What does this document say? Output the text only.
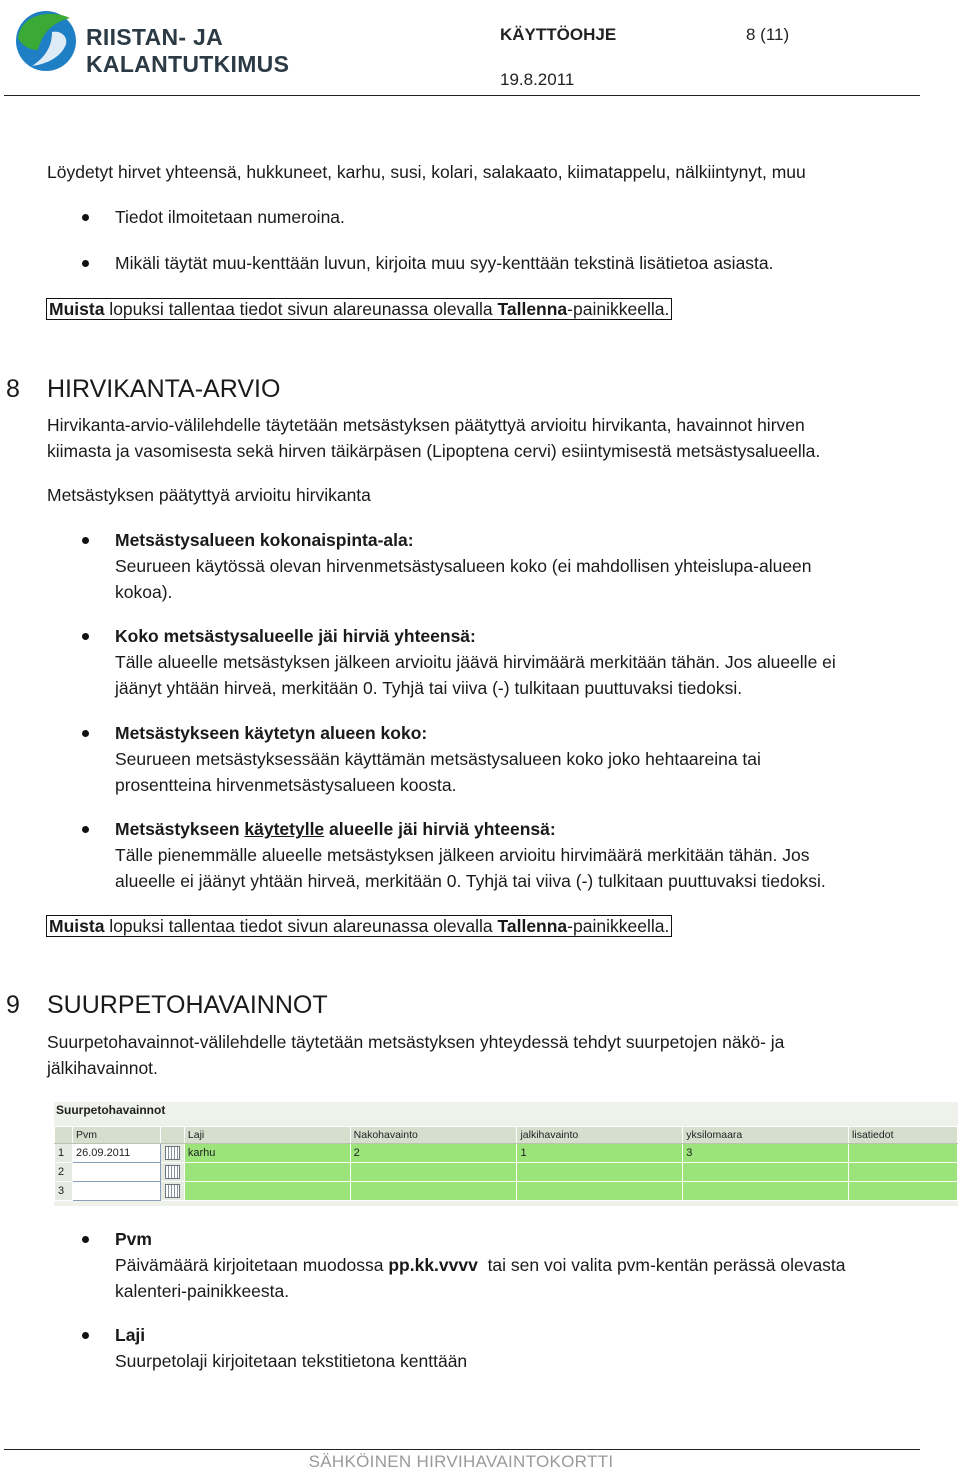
RIISTAN- JA KALANTUTKIMUS
KÄYTTÖOHJE	8 (11)
19.8.2011
Löydetyt hirvet yhteensä, hukkuneet, karhu, susi, kolari, salakaato, kiimatappelu, nälkiintynyt, muu
Tiedot ilmoitetaan numeroina.
Mikäli täytät muu-kenttään luvun, kirjoita muu syy-kenttään tekstinä lisätietoa asiasta.
Muista lopuksi tallentaa tiedot sivun alareunassa olevalla Tallenna-painikkeella.
8 HIRVIKANTA-ARVIO
Hirvikanta-arvio-välilehdelle täytetään metsästyksen päätyttyä arvioitu hirvikanta, havainnot hirven
kiimasta ja vasomisesta sekä hirven täikärpäsen (Lipoptena cervi) esiintymisestä metsästysalueella.
Metsästyksen päätyttyä arvioitu hirvikanta
Metsästysalueen kokonaispinta-ala:
Seurueen käytössä olevan hirvenmetsästysalueen koko (ei mahdollisen yhteislupa-alueen
kokoa).
Koko metsästysalueelle jäi hirviä yhteensä:
Tälle alueelle metsästyksen jälkeen arvioitu jäävä hirvimäärä merkitään tähän. Jos alueelle ei
jäänyt yhtään hirveä, merkitään 0. Tyhjä tai viiva (-) tulkitaan puuttuvaksi tiedoksi.
Metsästykseen käytetyn alueen koko:
Seurueen metsästyksessään käyttämän metsästysalueen koko joko hehtaareina tai
prosentteina hirvenmetsästysalueen koosta.
Metsästykseen käytetylle alueelle jäi hirviä yhteensä:
Tälle pienemmälle alueelle metsästyksen jälkeen arvioitu hirvimäärä merkitään tähän. Jos
alueelle ei jäänyt yhtään hirveä, merkitään 0. Tyhjä tai viiva (-) tulkitaan puuttuvaksi tiedoksi.
Muista lopuksi tallentaa tiedot sivun alareunassa olevalla Tallenna-painikkeella.
9 SUURPETOHAVAINNOT
Suurpetohavainnot-välilehdelle täytetään metsästyksen yhteydessä tehdyt suurpetojen näkö- ja
jälkihavainnot.
Suurpetohavainnot
	Pvm		Laji	Nakohavainto	jalkihavainto	yksilomaara	lisatiedot
1	26.09.2011		karhu	2	1	3	
2							
3							
Pvm
Päivämäärä kirjoitetaan muodossa pp.kk.vvvv  tai sen voi valita pvm-kentän perässä olevasta
kalenteri-painikkeesta.
Laji
Suurpetolaji kirjoitetaan tekstitietona kenttään
SÄHKÖINEN HIRVIHAVAINTOKORTTI
